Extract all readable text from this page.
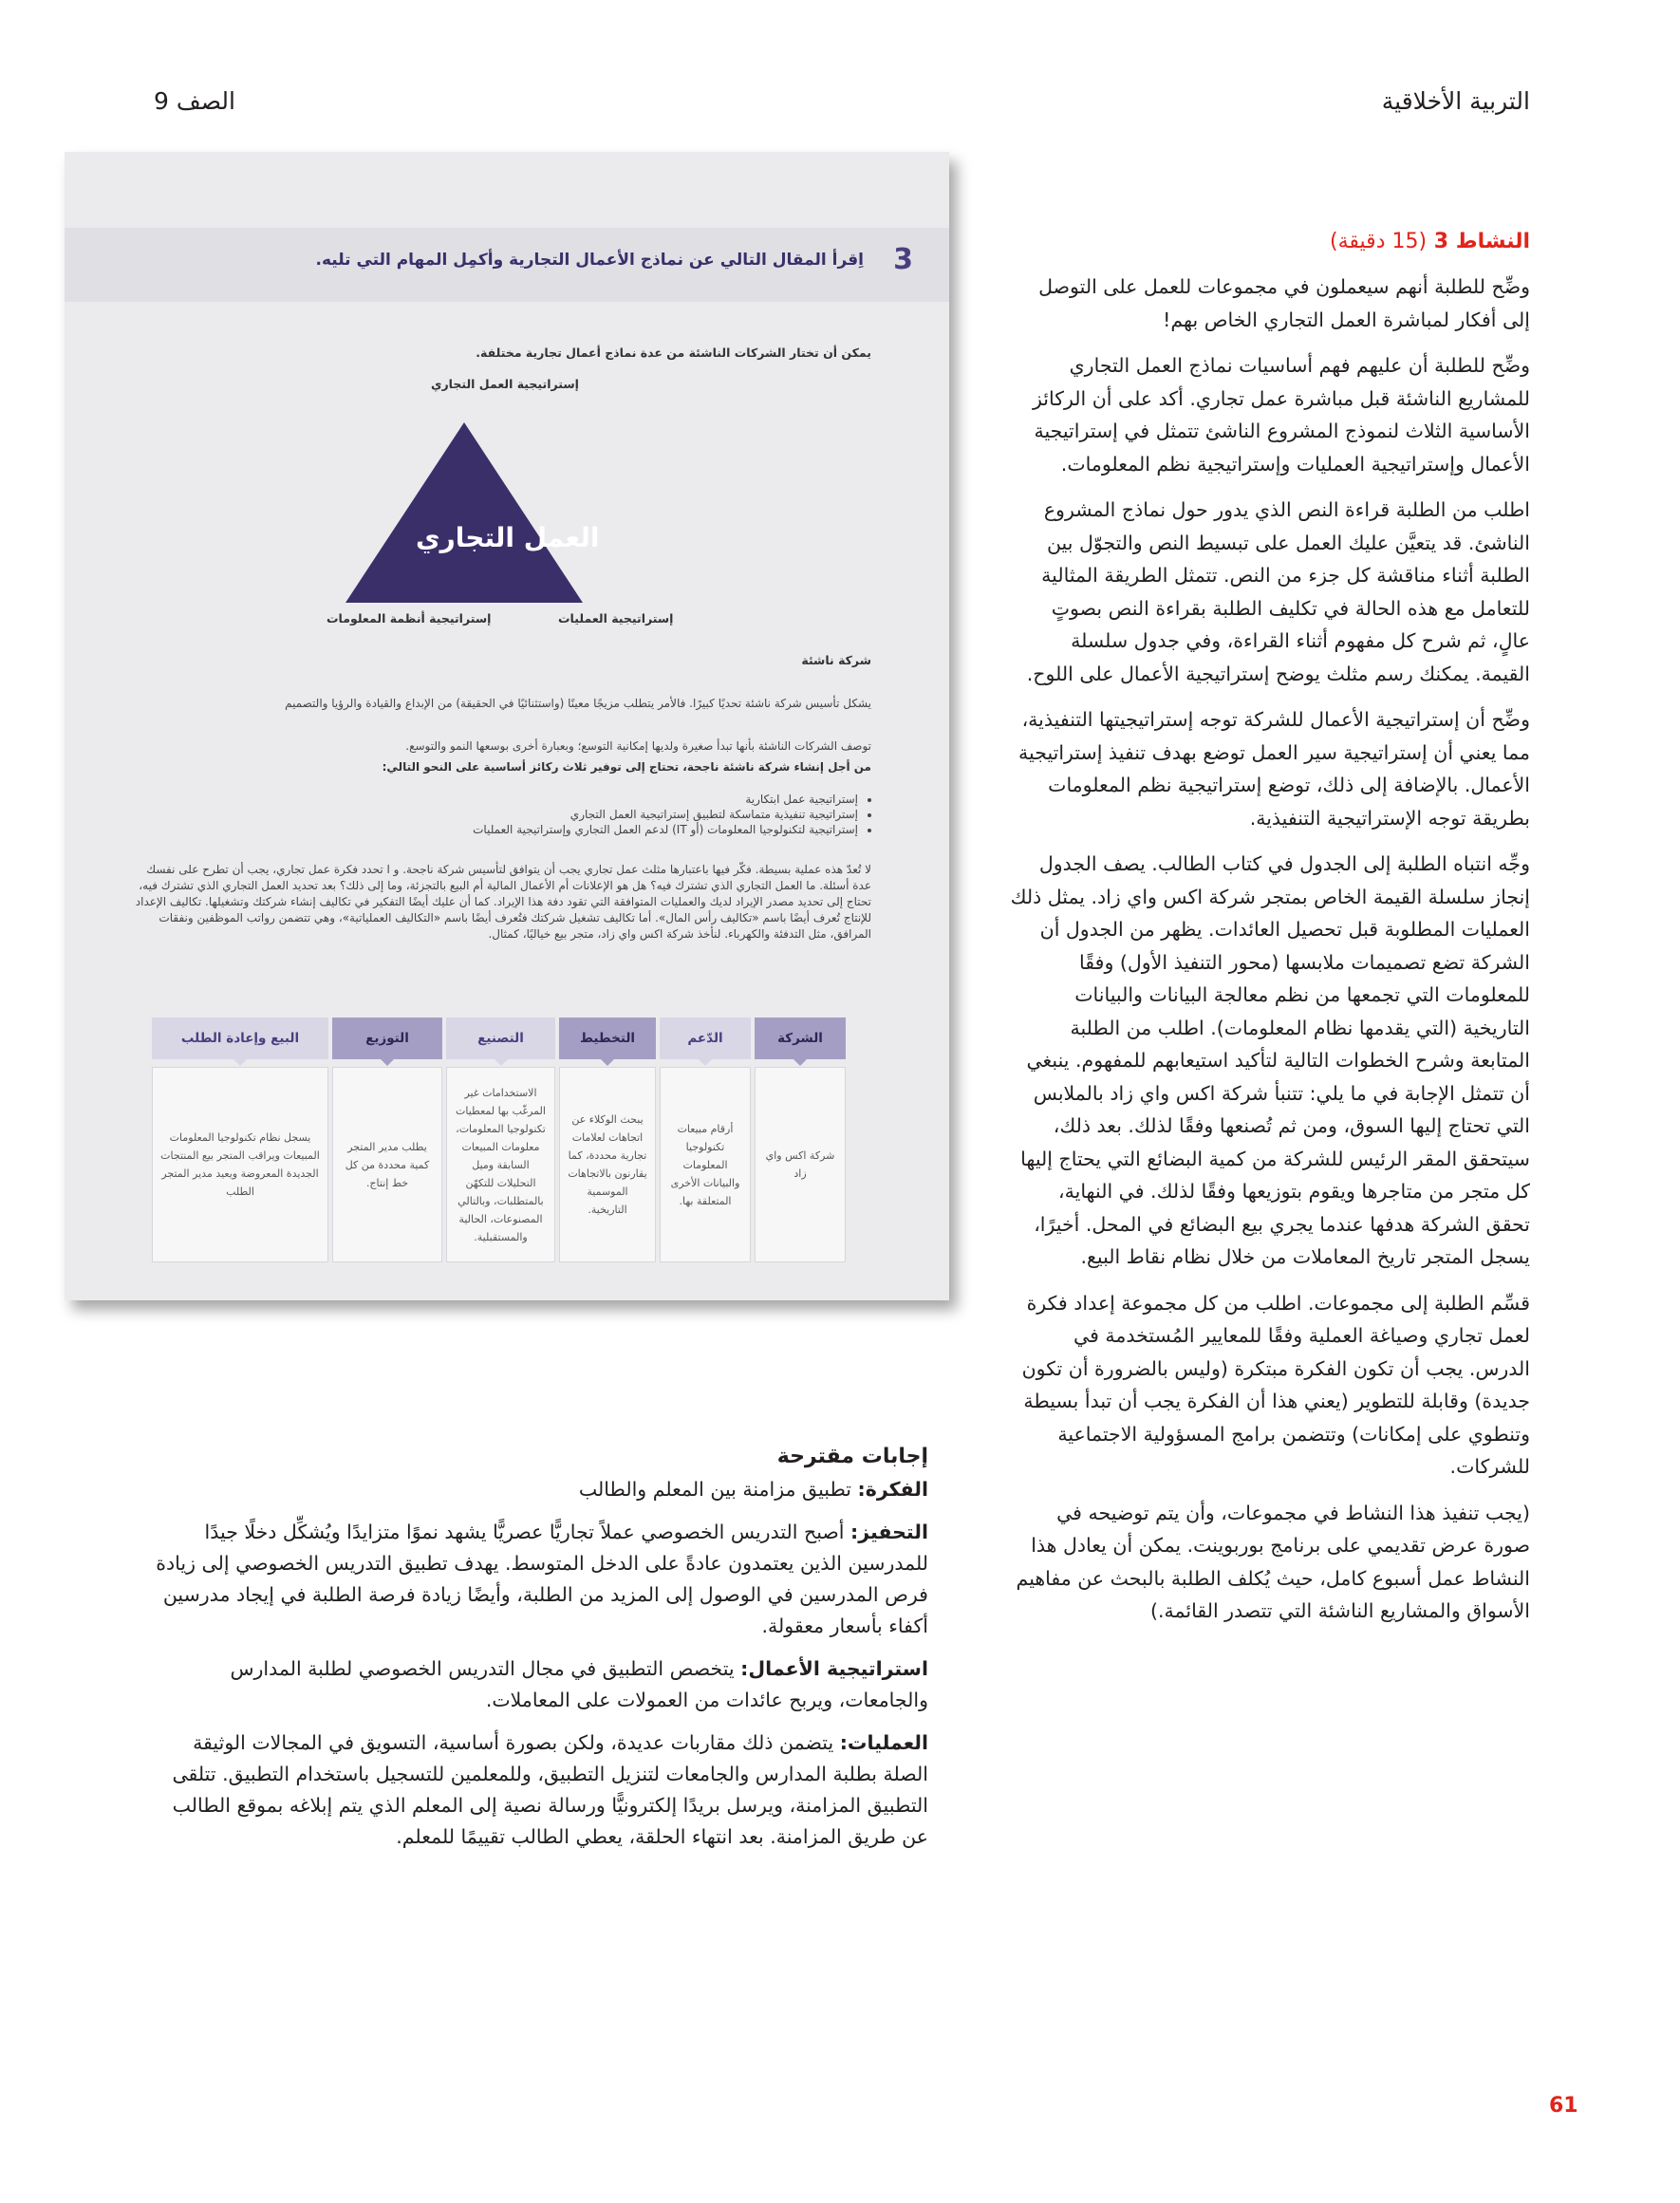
التربية الأخلاقية
الصف 9
النشاط 3 (15 دقيقة)

وضِّح للطلبة أنهم سيعملون في مجموعات للعمل على التوصل إلى أفكار لمباشرة العمل التجاري الخاص بهم!

وضِّح للطلبة أن عليهم فهم أساسيات نماذج العمل التجاري للمشاريع الناشئة قبل مباشرة عمل تجاري. أكد على أن الركائز الأساسية الثلاث لنموذج المشروع الناشئ تتمثل في إستراتيجية الأعمال وإستراتيجية العمليات وإستراتيجية نظم المعلومات.

اطلب من الطلبة قراءة النص الذي يدور حول نماذج المشروع الناشئ. قد يتعيَّن عليك العمل على تبسيط النص والتجوّل بين الطلبة أثناء مناقشة كل جزء من النص. تتمثل الطريقة المثالية للتعامل مع هذه الحالة في تكليف الطلبة بقراءة النص بصوتٍ عالٍ، ثم شرح كل مفهوم أثناء القراءة، وفي جدول سلسلة القيمة. يمكنك رسم مثلث يوضح إستراتيجية الأعمال على اللوح.

وضِّح أن إستراتيجية الأعمال للشركة توجه إستراتيجيتها التنفيذية، مما يعني أن إستراتيجية سير العمل توضع بهدف تنفيذ إستراتيجية الأعمال. بالإضافة إلى ذلك، توضع إستراتيجية نظم المعلومات بطريقة توجه الإستراتيجية التنفيذية.

وجِّه انتباه الطلبة إلى الجدول في كتاب الطالب. يصف الجدول إنجاز سلسلة القيمة الخاص بمتجر شركة اكس واي زاد. يمثل ذلك العمليات المطلوبة قبل تحصيل العائدات. يظهر من الجدول أن الشركة تضع تصميمات ملابسها (محور التنفيذ الأول) وفقًا للمعلومات التي تجمعها من نظم معالجة البيانات والبيانات التاريخية (التي يقدمها نظام المعلومات). اطلب من الطلبة المتابعة وشرح الخطوات التالية لتأكيد استيعابهم للمفهوم. ينبغي أن تتمثل الإجابة في ما يلي: تتنبأ شركة اكس واي زاد بالملابس التي تحتاج إليها السوق، ومن ثم تُصنعها وفقًا لذلك. بعد ذلك، سيتحقق المقر الرئيس للشركة من كمية البضائع التي يحتاج إليها كل متجر من متاجرها ويقوم بتوزيعها وفقًا لذلك. في النهاية، تحقق الشركة هدفها عندما يجري بيع البضائع في المحل. أخيرًا، يسجل المتجر تاريخ المعاملات من خلال نظام نقاط البيع.

قسِّم الطلبة إلى مجموعات. اطلب من كل مجموعة إعداد فكرة لعمل تجاري وصياغة العملية وفقًا للمعايير المُستخدمة في الدرس. يجب أن تكون الفكرة مبتكرة (وليس بالضرورة أن تكون جديدة) وقابلة للتطوير (يعني هذا أن الفكرة يجب أن تبدأ بسيطة وتنطوي على إمكانات) وتتضمن برامج المسؤولية الاجتماعية للشركات.

(يجب تنفيذ هذا النشاط في مجموعات، وأن يتم توضيحه في صورة عرض تقديمي على برنامج بوربوينت. يمكن أن يعادل هذا النشاط عمل أسبوع كامل، حيث يُكلف الطلبة بالبحث عن مفاهيم الأسواق والمشاريع الناشئة التي تتصدر القائمة.)

3
اِقرأ المقال التالي عن نماذج الأعمال التجارية وأكمِل المهام التي تليه.
يمكن أن تختار الشركات الناشئة من عدة نماذج أعمال تجارية مختلفة.
إستراتيجية العمل التجاري
العمل التجاري
إستراتيجية أنظمة المعلومات	إستراتيجية العمليات
شركة ناشئة

يشكل تأسيس شركة ناشئة تحديًا كبيرًا. فالأمر يتطلب مزيجًا معينًا (واستثنائيًا في الحقيقة) من الإبداع والقيادة والرؤيا والتصميم

توصف الشركات الناشئة بأنها تبدأ صغيرة ولديها إمكانية التوسع؛ وبعبارة أخرى بوسعها النمو والتوسع.

من أجل إنشاء شركة ناشئة ناجحة، تحتاج إلى توفير ثلاث ركائز أساسية على النحو التالي:

• إستراتيجية عمل ابتكارية
• إستراتيجية تنفيذية متماسكة لتطبيق إستراتيجية العمل التجاري
• إستراتيجية لتكنولوجيا المعلومات (أو IT) لدعم العمل التجاري وإستراتيجية العمليات

لا تُعدّ هذه عملية بسيطة. فكّر فيها باعتبارها مثلث عمل تجاري يجب أن يتوافق لتأسيس شركة ناجحة. و ا تحدد فكرة عمل تجاري، يجب أن تطرح على نفسك عدة أسئلة. ما العمل التجاري الذي تشترك فيه؟ هل هو الإعلانات أم الأعمال المالية أم البيع بالتجزئة، وما إلى ذلك؟ بعد تحديد العمل التجاري الذي تشترك فيه، تحتاج إلى تحديد مصدر الإيراد لديك والعمليات المتوافقة التي تقود دفة هذا الإيراد. كما أن عليك أيضًا التفكير في تكاليف إنشاء شركتك وتشغيلها. تكاليف الإعداد للإنتاج تُعرف أيضًا باسم «تكاليف رأس المال». أما تكاليف تشغيل شركتك فتُعرف أيضًا باسم «التكاليف العملياتية»، وهي تتضمن رواتب الموظفين ونفقات المرافق، مثل التدفئة والكهرباء. لنأخذ شركة اكس واي زاد، متجر بيع خياليًا، كمثال.

الشركة
شركة اكس واي زاد
الدّعم
أرقام مبيعات تكنولوجيا المعلومات والبيانات الأخرى المتعلقة بها.
التخطيط
يبحث الوكلاء عن اتجاهات لعلامات تجارية محددة، كما يقارنون بالاتجاهات الموسمية التاريخية.
التصنيع
الاستخدامات غير المرغّب بها لمعطيات تكنولوجيا المعلومات، معلومات المبيعات السابقة وميل التحليلات للتكهّن بالمتطلبات، وبالتالي المصنوعات، الحالية والمستقبلية.
التوزيع
يطلب مدير المتجر كمية محددة من كل خط إنتاج.
البيع وإعادة الطلب
يسجل نظام تكنولوجيا المعلومات المبيعات ويراقب المتجر بيع المنتجات الجديدة المعروضة ويعيد مدير المتجر الطلب
إجابات مقترحة

الفكرة: تطبيق مزامنة بين المعلم والطالب

التحفيز: أصبح التدريس الخصوصي عملاً تجاريًّا عصريًّا يشهد نموًا متزايدًا ويُشكِّل دخلًا جيدًا للمدرسين الذين يعتمدون عادةً على الدخل المتوسط. يهدف تطبيق التدريس الخصوصي إلى زيادة فرص المدرسين في الوصول إلى المزيد من الطلبة، وأيضًا زيادة فرصة الطلبة في إيجاد مدرسين أكفاء بأسعار معقولة.

استراتيجية الأعمال: يتخصص التطبيق في مجال التدريس الخصوصي لطلبة المدارس والجامعات، ويربح عائدات من العمولات على المعاملات.

العمليات: يتضمن ذلك مقاربات عديدة، ولكن بصورة أساسية، التسويق في المجالات الوثيقة الصلة بطلبة المدارس والجامعات لتنزيل التطبيق، وللمعلمين للتسجيل باستخدام التطبيق. تتلقى التطبيق المزامنة، ويرسل بريدًا إلكترونيًّا ورسالة نصية إلى المعلم الذي يتم إبلاغه بموقع الطالب عن طريق المزامنة. بعد انتهاء الحلقة، يعطي الطالب تقييمًا للمعلم.

61
